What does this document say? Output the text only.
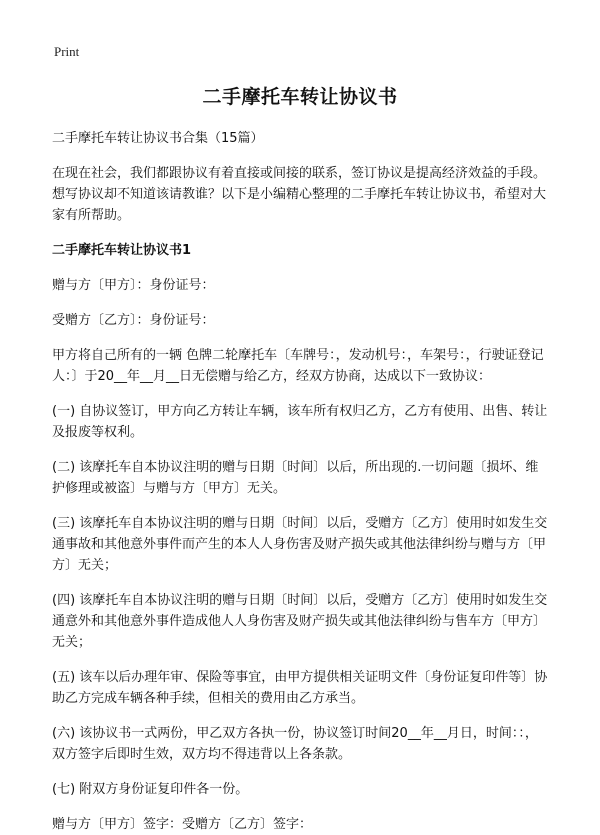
Print
二手摩托车转让协议书
二手摩托车转让协议书合集（15篇）
在现在社会，我们都跟协议有着直接或间接的联系，签订协议是提高经济效益的手段。想写协议却不知道该请教谁？以下是小编精心整理的二手摩托车转让协议书，希望对大家有所帮助。
二手摩托车转让协议书1
赠与方〔甲方〕：身份证号：
受赠方〔乙方〕：身份证号：
甲方将自己所有的一辆 色牌二轮摩托车〔车牌号：，发动机号：，车架号：，行驶证登记人：〕于20__年__月__日无偿赠与给乙方，经双方协商，达成以下一致协议：
(一) 自协议签订，甲方向乙方转让车辆，该车所有权归乙方，乙方有使用、出售、转让及报废等权利。
(二) 该摩托车自本协议注明的赠与日期〔时间〕以后，所出现的.一切问题〔损坏、维护修理或被盗〕与赠与方〔甲方〕无关。
(三) 该摩托车自本协议注明的赠与日期〔时间〕以后，受赠方〔乙方〕使用时如发生交通事故和其他意外事件而产生的本人人身伤害及财产损失或其他法律纠纷与赠与方〔甲方〕无关；
(四) 该摩托车自本协议注明的赠与日期〔时间〕以后，受赠方〔乙方〕使用时如发生交通意外和其他意外事件造成他人人身伤害及财产损失或其他法律纠纷与售车方〔甲方〕无关；
(五) 该车以后办理年审、保险等事宜，由甲方提供相关证明文件〔身份证复印件等〕协助乙方完成车辆各种手续，但相关的费用由乙方承当。
(六) 该协议书一式两份，甲乙双方各执一份，协议签订时间20__年__月日，时间：：，双方签字后即时生效，双方均不得违背以上各条款。
(七) 附双方身份证复印件各一份。
赠与方〔甲方〕签字：受赠方〔乙方〕签字：
